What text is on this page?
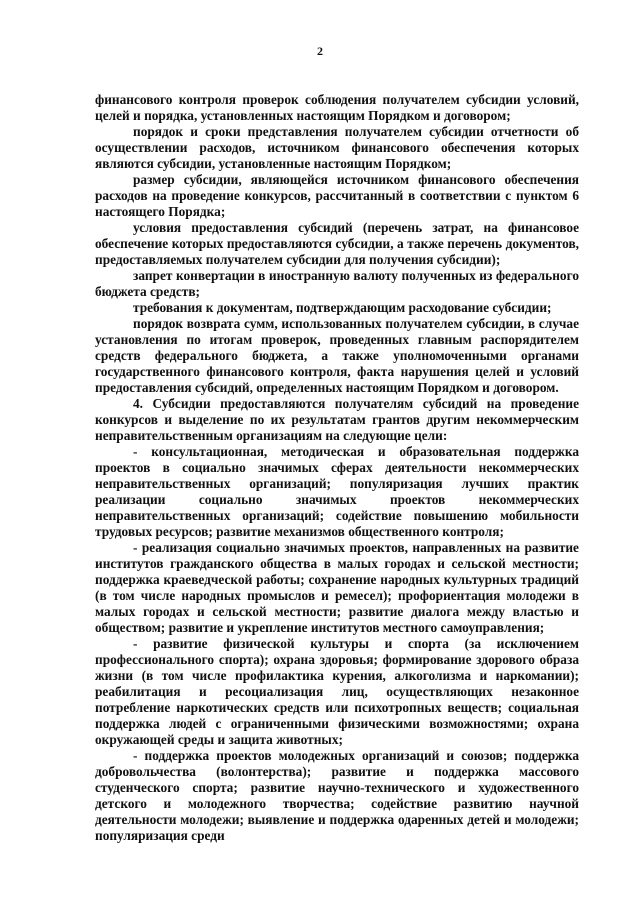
2

финансового контроля проверок соблюдения получателем субсидии условий, целей и порядка, установленных настоящим Порядком и договором;

порядок и сроки представления получателем субсидии отчетности об осуществлении расходов, источником финансового обеспечения которых являются субсидии, установленные настоящим Порядком;

размер субсидии, являющейся источником финансового обеспечения расходов на проведение конкурсов, рассчитанный в соответствии с пунктом 6 настоящего Порядка;

условия предоставления субсидий (перечень затрат, на финансовое обеспечение которых предоставляются субсидии, а также перечень документов, предоставляемых получателем субсидии для получения субсидии);

запрет конвертации в иностранную валюту полученных из федерального бюджета средств;

требования к документам, подтверждающим расходование субсидии;

порядок возврата сумм, использованных получателем субсидии, в случае установления по итогам проверок, проведенных главным распорядителем средств федерального бюджета, а также уполномоченными органами государственного финансового контроля, факта нарушения целей и условий предоставления субсидий, определенных настоящим Порядком и договором.

4. Субсидии предоставляются получателям субсидий на проведение конкурсов и выделение по их результатам грантов другим некоммерческим неправительственным организациям на следующие цели:

- консультационная, методическая и образовательная поддержка проектов в социально значимых сферах деятельности некоммерческих неправительственных организаций; популяризация лучших практик реализации социально значимых проектов некоммерческих неправительственных организаций; содействие повышению мобильности трудовых ресурсов; развитие механизмов общественного контроля;

- реализация социально значимых проектов, направленных на развитие институтов гражданского общества в малых городах и сельской местности; поддержка краеведческой работы; сохранение народных культурных традиций (в том числе народных промыслов и ремесел); профориентация молодежи в малых городах и сельской местности; развитие диалога между властью и обществом; развитие и укрепление институтов местного самоуправления;

- развитие физической культуры и спорта (за исключением профессионального спорта); охрана здоровья; формирование здорового образа жизни (в том числе профилактика курения, алкоголизма и наркомании); реабилитация и ресоциализация лиц, осуществляющих незаконное потребление наркотических средств или психотропных веществ; социальная поддержка людей с ограниченными физическими возможностями; охрана окружающей среды и защита животных;

- поддержка проектов молодежных организаций и союзов; поддержка добровольчества (волонтерства); развитие и поддержка массового студенческого спорта; развитие научно-технического и художественного детского и молодежного творчества; содействие развитию научной деятельности молодежи; выявление и поддержка одаренных детей и молодежи; популяризация среди
